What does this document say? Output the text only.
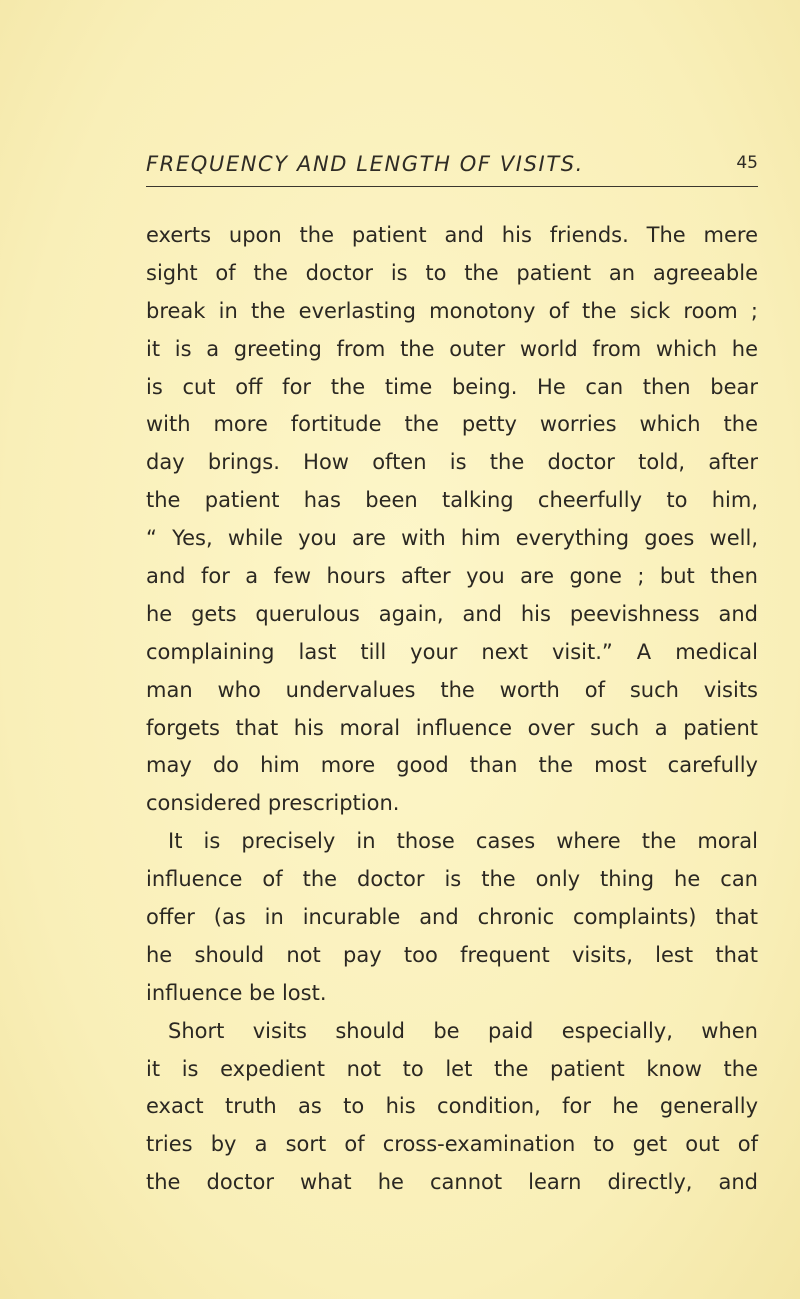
FREQUENCY AND LENGTH OF VISITS.	45
exerts upon the patient and his friends. The mere
sight of the doctor is to the patient an agreeable
break in the everlasting monotony of the sick room ;
it is a greeting from the outer world from which he
is cut off for the time being. He can then bear
with more fortitude the petty worries which the
day brings. How often is the doctor told, after
the patient has been talking cheerfully to him,
“ Yes, while you are with him everything goes well,
and for a few hours after you are gone ; but then
he gets querulous again, and his peevishness and
complaining last till your next visit.” A medical
man who undervalues the worth of such visits
forgets that his moral influence over such a patient
may do him more good than the most carefully
considered prescription.
It is precisely in those cases where the moral
influence of the doctor is the only thing he can
offer (as in incurable and chronic complaints) that
he should not pay too frequent visits, lest that
influence be lost.
Short visits should be paid especially, when
it is expedient not to let the patient know the
exact truth as to his condition, for he generally
tries by a sort of cross-examination to get out of
the doctor what he cannot learn directly, and
